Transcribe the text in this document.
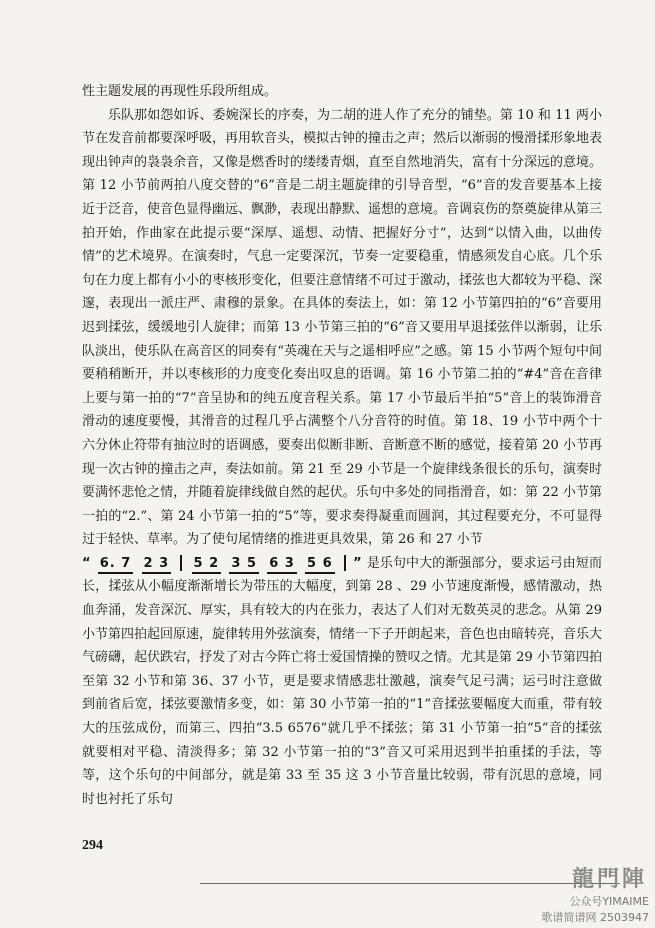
性主题发展的再现性乐段所组成。

乐队那如怨如诉、委婉深长的序奏，为二胡的进人作了充分的铺垫。第 10 和 11 两小节在发音前都要深呼吸，再用软音头，模拟古钟的撞击之声；然后以渐弱的慢滑揉形象地表现出钟声的袅袅余音，又像是燃香时的缕缕青烟，直至自然地消失，富有十分深远的意境。第 12 小节前两拍八度交替的“6”音是二胡主题旋律的引导音型，“6”音的发音要基本上接近于泛音，使音色显得幽远、飘渺，表现出静默、遥想的意境。音调哀伤的祭奠旋律从第三拍开始，作曲家在此提示要“深厚、遥想、动情、把握好分寸”，达到“以情入曲，以曲传情”的艺术境界。在演奏时，气息一定要深沉，节奏一定要稳重，情感须发自心底。几个乐句在力度上都有小小的枣核形变化，但要注意情绪不可过于激动，揉弦也大都较为平稳、深邃，表现出一派庄严、肃穆的景象。在具体的奏法上，如：第 12 小节第四拍的“6”音要用迟到揉弦，缓缓地引人旋律；而第 13 小节第三拍的“6”音又要用早退揉弦伴以渐弱，让乐队淡出，使乐队在高音区的同奏有“英魂在天与之遥相呼应”之感。第 15 小节两个短句中间要稍稍断开，并以枣核形的力度变化奏出叹息的语调。第 16 小节第二拍的“#4”音在音律上要与第一拍的“7”音呈协和的纯五度音程关系。第 17 小节最后半拍“5”音上的装饰滑音滑动的速度要慢，其滑音的过程几乎占满整个八分音符的时值。第 18、19 小节中两个十六分休止符带有抽泣时的语调感，要奏出似断非断、音断意不断的感觉，接着第 20 小节再现一次古钟的撞击之声，奏法如前。第 21 至 29 小节是一个旋律线条很长的乐句，演奏时要满怀悲怆之情，并随着旋律线做自然的起伏。乐句中多处的同指滑音，如：第 22 小节第一拍的“2.”、第 24 小节第一拍的“5”等，要求奏得凝重而圆润，其过程要充分，不可显得过于轻快、草率。为了使句尾情绪的推进更具效果，第 26 和 27 小节

“ 6. 7 2 3 5 2 3 5 6 3 5 6 ” 是乐句中大的渐强部分，要求运弓由短而长，揉弦从小幅度渐渐增长为带压的大幅度，到第 28 、29 小节速度渐慢，感情激动，热血奔涌，发音深沉、厚实，具有较大的内在张力，表达了人们对无数英灵的悲念。从第 29 小节第四拍起回原速，旋律转用外弦演奏，情绪一下子开朗起来，音色也由暗转亮，音乐大气磅礴，起伏跌宕，抒发了对古今阵亡将士爱国情操的赞叹之情。尤其是第 29 小节第四拍至第 32 小节和第 36、37 小节，更是要求情感悲壮激越，演奏气足弓满；运弓时注意做到前省后宽，揉弦要激情多变，如：第 30 小节第一拍的“1”音揉弦要幅度大而重，带有较大的压弦成份，而第三、四拍“3.5 6576”就几乎不揉弦；第 31 小节第一拍“5”音的揉弦就要相对平稳、清淡得多；第 32 小节第一拍的“3”音又可采用迟到半拍重揉的手法，等等，这个乐句的中间部分，就是第 33 至 35 这 3 小节音量比较弱，带有沉思的意境，同时也衬托了乐句

294
龍門陣
公众号YIMAIME
歌谱简谱网 2503947
